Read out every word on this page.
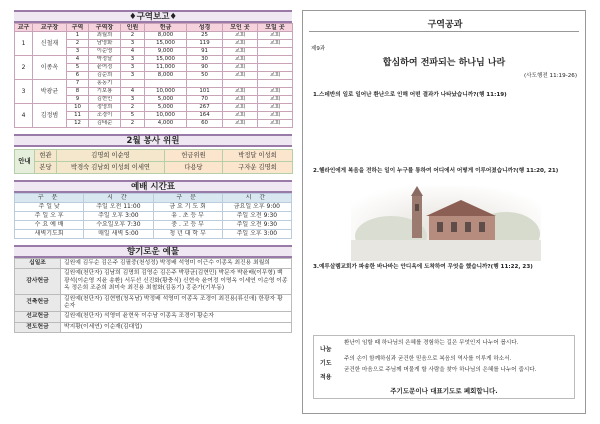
♦구역보고♦
교구	교구장	구역	구역장	인원	헌금	성경	모인 곳	모일 곳
1	신철재	1	최월희	2	8,000	25	교회	교회
		2	남영화	3	15,000	119	교회	교회
		3	이순영	4	9,000	91	교회	
2	이종옥	4	박정달	3	15,000	30	교회	
		5	윤여정	3	11,000	90	교회	
		6	김순희	3	8,000	50	교회	교회
3	박광균	7	홍동기					
		8	기보룡	4	10,000	101	교회	교회
		9	김현민	3	5,000	70	교회	교회
4	김정범	10	정영희	2	5,000	267	교회	교회
		11	조경이	5	10,000	164	교회	교회
		12	김태순	2	4,000	60	교회	교회
2월 봉사 위원
안내	현관	김명희 이순영	헌금위원	박정달 이성희
	본당	박경숙 김남희 이성희 이세연	다용당	구자운 김명희
예배 시간표
구 분	시 간	구 분	시 간
주 일 낮	주일 오전 11:00	금 요 기 도 회	금요일 오후 9:00
주 일 오 후	주일 오후 3:00	유 . 초 등 부	주일 오전 9:30
수 요 예 배	수요일오후 7:30	중 . 고 등 부	주일 오전 9:30
새벽기도회	매일 새벽 5:00	청 년 대 학 부	주일 오후 3:00
향기로운 예물
십일조	길원예 김두순 김은주 김필중(천성정) 박정배 석영미 이근수 이종옥 최진용 최월희
감사헌금	길원예(천단자) 김남희 김명희 김영순 김은주 박광균(김현민) 박문자 박윤배(이무형) 백광석(이순영 지윤 송환) 서두선 신진화(황충식) 신현숙 윤여정 이명옥 이세연 이순영 이종옥 정은희 조준희 최미숙 최진용 최철화(김동기) 홍준가(기부동)
건축헌금	길원예(천단자) 김현범(청옥남) 박정배 석영미 이종옥 조경이 최진용(류신애) 한광자 황순자
선교헌금	길원예(천단자) 석영미 윤현욱 이수남 이종옥 조경이 황순자
전도헌금	박지황(이세연) 이순재(김대업)
구역공과
제9과
합심하여 전파되는 하나님 나라
(사도행전 11:19-26)
1.스데반의 일로 일어난 환난으로 인해 어떤 결과가 나타났습니까?(행 11:19)
2.헬라인에게 복음을 전하는 일이 누구를 통하여 어디에서 어떻게 이루어졌습니까?(행 11:20, 21)
3.예루살렘교회가 파송한 바나바는 안디옥에 도착하여 무엇을 했습니까?(행 11:22, 23)
나눔
기도
적용
환난이 임할 때 하나님의 은혜를 경험하는 길은 무엇인지 나누어 봅시다.
주의 손이 함께하심과 굳건한 믿음으로 복음의 역사를 이루게 하소서.
굳건한 마음으로 주님께 머물게 할 사람을 찾아 하나님의 은혜를 나누어 줍시다.
주기도문이나 대표기도로 폐회합니다.
